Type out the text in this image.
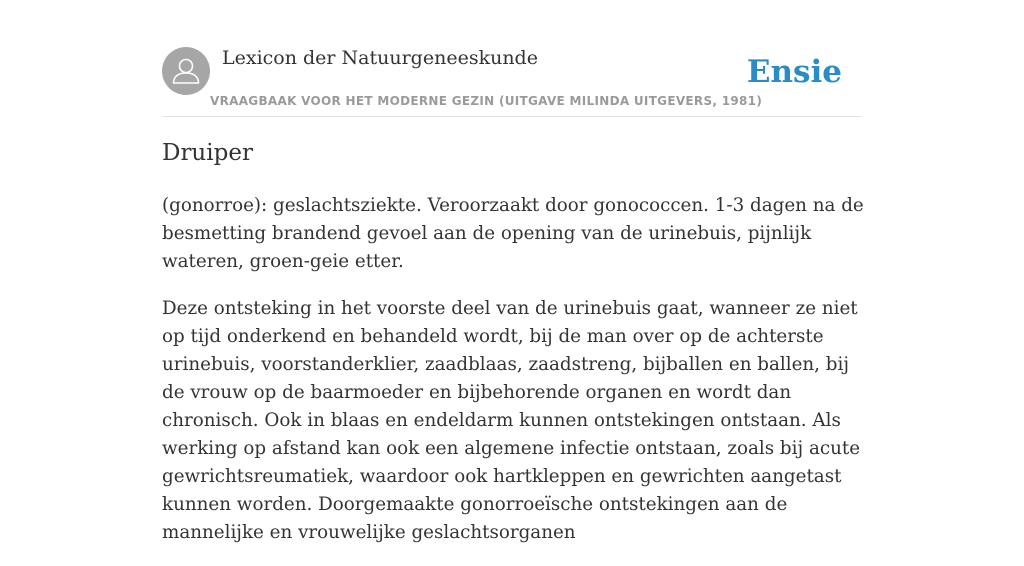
Lexicon der Natuurgeneeskunde
VRAAGBAAK VOOR HET MODERNE GEZIN (UITGAVE MILINDA UITGEVERS, 1981)
Ensie
Druiper

(gonorroe): geslachtsziekte. Veroorzaakt door gonococcen. 1-3 dagen na de besmetting brandend gevoel aan de opening van de urinebuis, pijnlijk wateren, groen-geie etter.

Deze ontsteking in het voorste deel van de urinebuis gaat, wanneer ze niet op tijd onderkend en behandeld wordt, bij de man over op de achterste urinebuis, voorstanderklier, zaadblaas, zaadstreng, bijballen en ballen, bij de vrouw op de baarmoeder en bijbehorende organen en wordt dan chronisch. Ook in blaas en endeldarm kunnen ontstekingen ontstaan. Als werking op afstand kan ook een algemene infectie ontstaan, zoals bij acute gewrichtsreumatiek, waardoor ook hartkleppen en gewrichten aangetast kunnen worden. Doorgemaakte gonorroeïsche ontstekingen aan de mannelijke en vrouwelijke geslachtsorganen
